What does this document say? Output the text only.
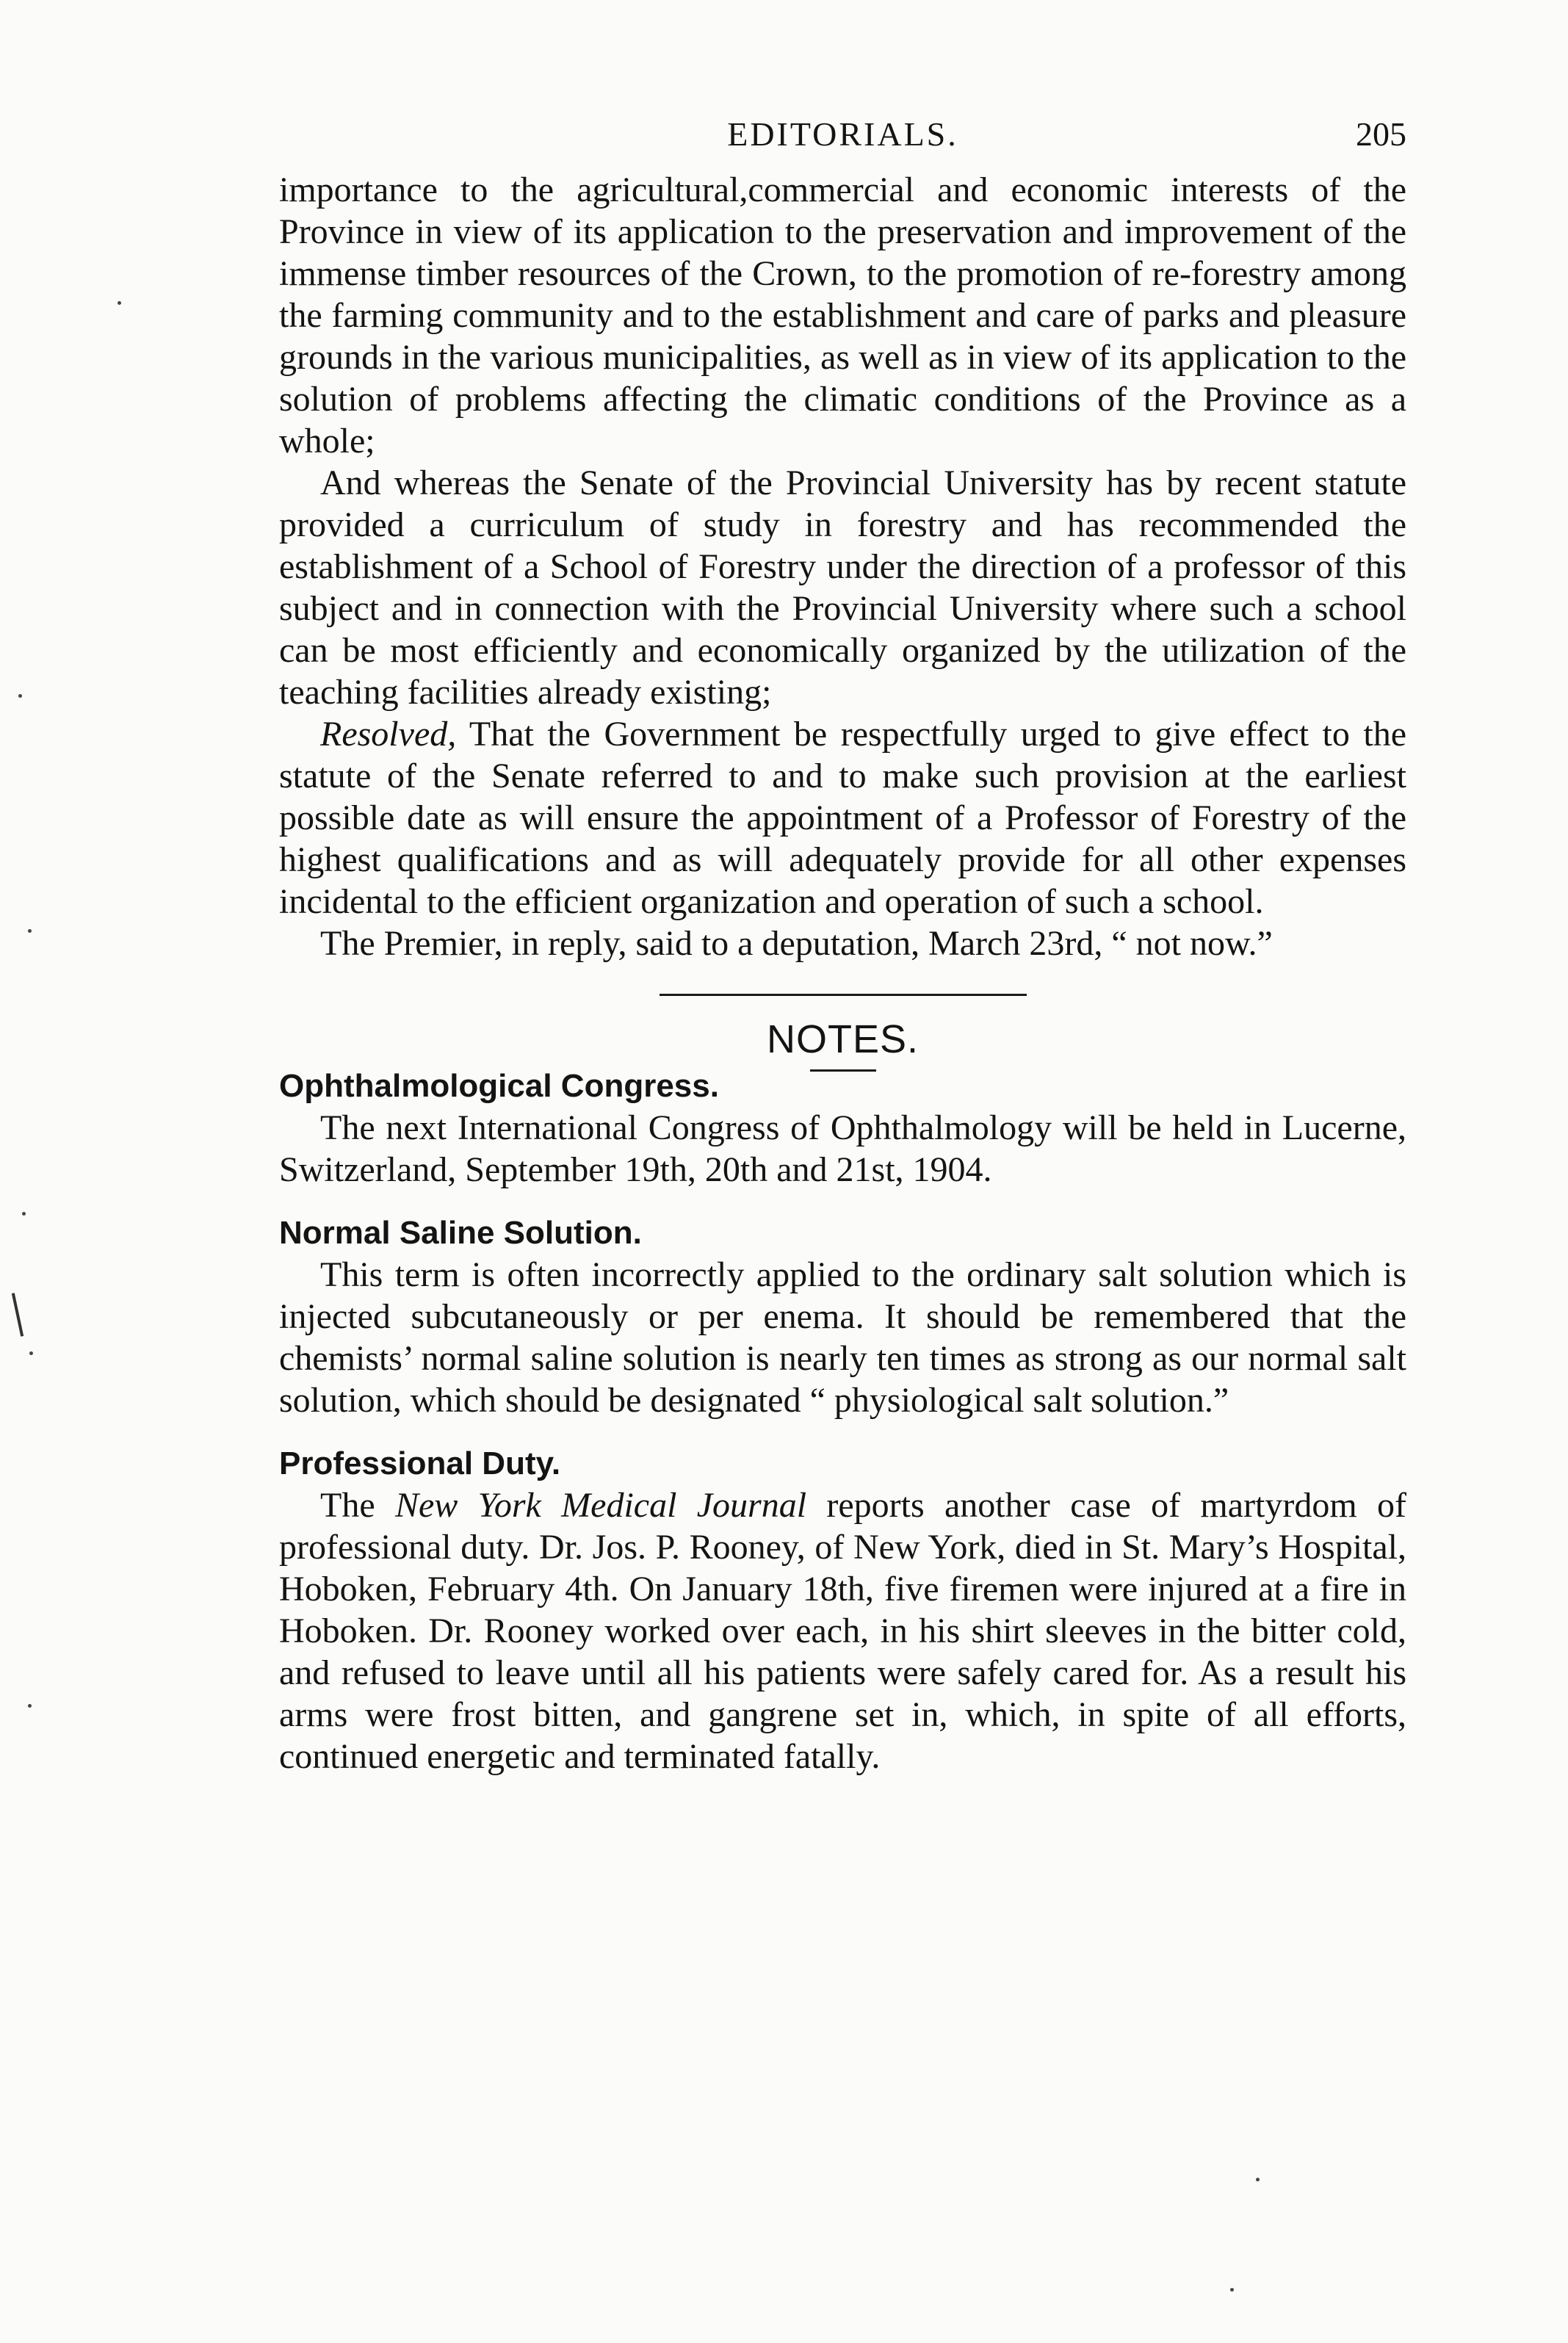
EDITORIALS.	205

importance to the agricultural,commercial and economic interests of the Province in view of its application to the preservation and improvement of the immense timber resources of the Crown, to the promotion of re-forestry among the farming community and to the establishment and care of parks and pleasure grounds in the various municipalities, as well as in view of its application to the solution of problems affecting the climatic conditions of the Province as a whole;

And whereas the Senate of the Provincial University has by recent statute provided a curriculum of study in forestry and has recommended the establishment of a School of Forestry under the direction of a professor of this subject and in connection with the Provincial University where such a school can be most efficiently and economically organized by the utilization of the teaching facilities already existing;

Resolved, That the Government be respectfully urged to give effect to the statute of the Senate referred to and to make such provision at the earliest possible date as will ensure the appointment of a Professor of Forestry of the highest qualifications and as will adequately provide for all other expenses incidental to the efficient organization and operation of such a school.

The Premier, in reply, said to a deputation, March 23rd, “ not now.”

NOTES.
Ophthalmological Congress.

The next International Congress of Ophthalmology will be held in Lucerne, Switzerland, September 19th, 20th and 21st, 1904.

Normal Saline Solution.

This term is often incorrectly applied to the ordinary salt solution which is injected subcutaneously or per enema. It should be remembered that the chemists’ normal saline solution is nearly ten times as strong as our normal salt solution, which should be designated “ physiological salt solution.”

Professional Duty.

The New York Medical Journal reports another case of martyrdom of professional duty. Dr. Jos. P. Rooney, of New York, died in St. Mary’s Hospital, Hoboken, February 4th. On January 18th, five firemen were injured at a fire in Hoboken. Dr. Rooney worked over each, in his shirt sleeves in the bitter cold, and refused to leave until all his patients were safely cared for. As a result his arms were frost bitten, and gangrene set in, which, in spite of all efforts, continued energetic and terminated fatally.
